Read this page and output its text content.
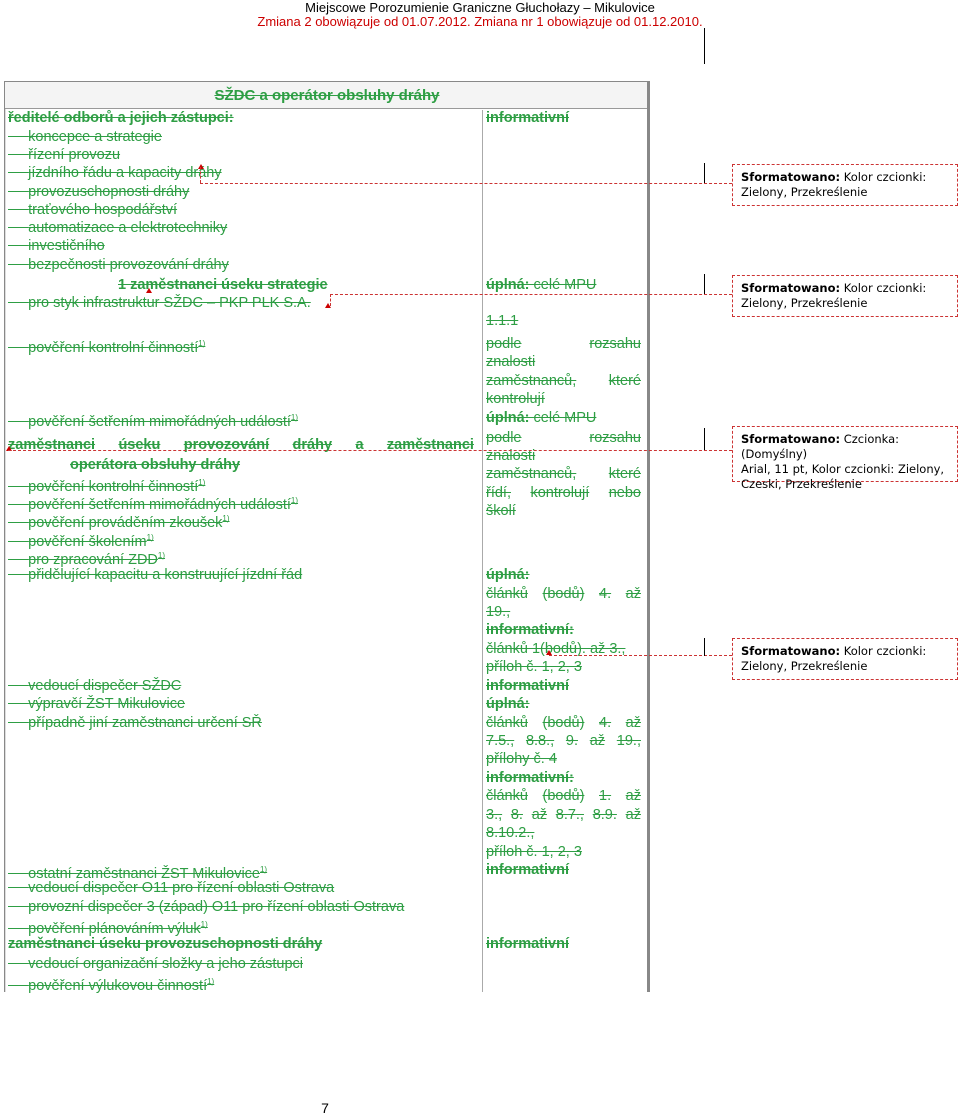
Miejscowe Porozumienie Graniczne Głuchołazy – Mikulovice
Zmiana 2 obowiązuje od 01.07.2012. Zmiana nr 1 obowiązuje od 01.12.2010.
SŽDC a operátor obsluhy dráhy
ředitelé odborů a jejich zástupci:
koncepce a strategie
řízení provozu
jízdního řádu a kapacity dráhy
provozuschopnosti dráhy
traťového hospodářství
automatizace a elektrotechniky
investičního
bezpečnosti provozování dráhy
1 zaměstnanci úseku strategie
pro styk infrastruktur SŽDC – PKP PLK S.A.
pověření kontrolní činností$^{1)}$
pověření šetřením mimořádných událostí$^{1)}$
zaměstnanci úseku provozování dráhy a zaměstnanci
operátora obsluhy dráhy
pověření kontrolní činností$^{1)}$
pověření šetřením mimořádných událostí$^{1)}$
pověření prováděním zkoušek$^{1)}$
pověření školením$^{1)}$
pro zpracování ZDD$^{1)}$
přidělující kapacitu a konstruující jízdní řád
vedoucí dispečer SŽDC
výpravčí ŽST Mikulovice
případně jiní zaměstnanci určení SŘ
ostatní zaměstnanci ŽST Mikulovice$^{1)}$
vedoucí dispečer O11 pro řízení oblasti Ostrava
provozní dispečer 3 (západ) O11 pro řízení oblasti Ostrava
pověření plánováním výluk$^{1)}$
zaměstnanci úseku provozuschopnosti dráhy
vedoucí organizační složky a jeho zástupci
pověření výlukovou činností$^{1)}$
informativní
úplná: celé MPU
1.1.1
podle	rozsahu
znalosti
zaměstnanců, které
kontrolují
úplná: celé MPU
podle	rozsahu
znalosti
zaměstnanců, které
řídí, kontrolují nebo
školí
úplná:
článků (bodů) 4. až
19.,
informativní:
článků 1(bodů). až 3.,
příloh č. 1, 2, 3
informativní
úplná:
článků (bodů) 4. až
7.5., 8.8., 9. až 19.,
přílohy č. 4
informativní:
článků (bodů) 1. až
3., 8. až 8.7., 8.9. až
8.10.2.,
příloh č. 1, 2, 3
informativní
informativní
Sformatowano: Kolor czcionki:
Zielony, Przekreślenie
Sformatowano: Kolor czcionki:
Zielony, Przekreślenie
Sformatowano: Czcionka: (Domyślny)
Arial, 11 pt, Kolor czcionki: Zielony,
Czeski, Przekreślenie
Sformatowano: Kolor czcionki:
Zielony, Przekreślenie
7
